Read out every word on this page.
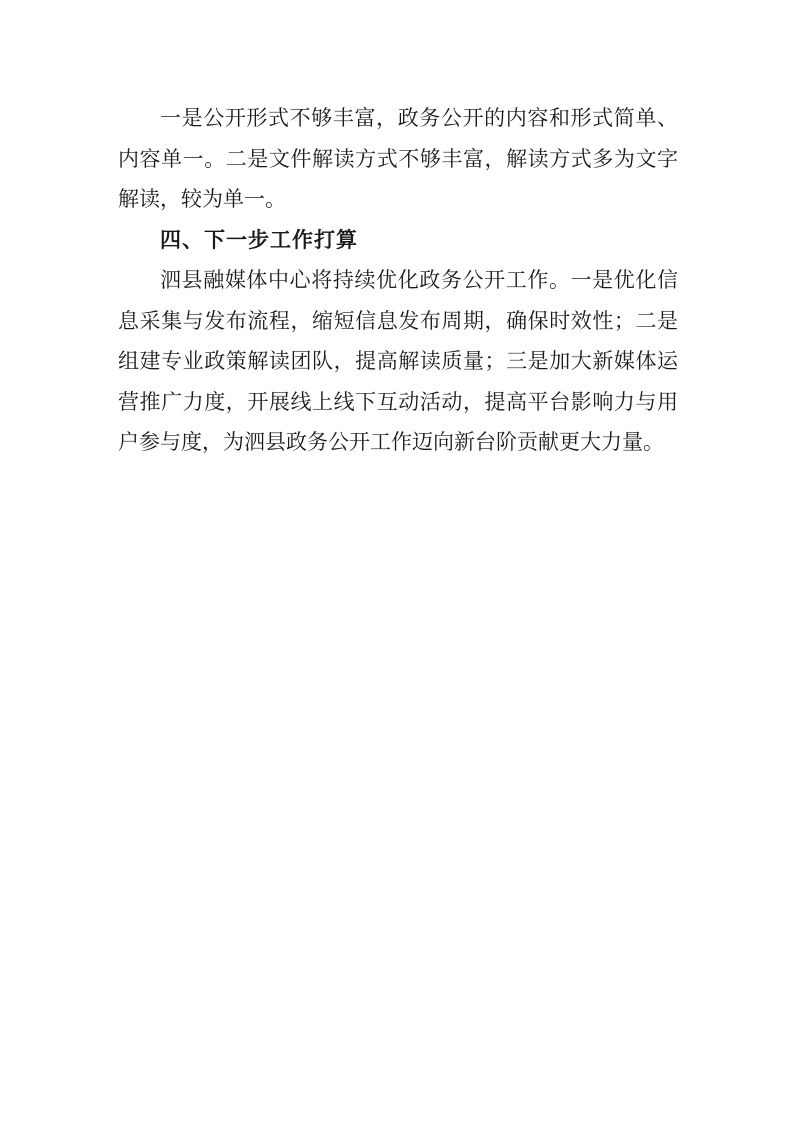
一是公开形式不够丰富，政务公开的内容和形式简单、
内容单一。二是文件解读方式不够丰富，解读方式多为文字
解读，较为单一。
四、下一步工作打算
泗县融媒体中心将持续优化政务公开工作。一是优化信
息采集与发布流程，缩短信息发布周期，确保时效性；二是
组建专业政策解读团队，提高解读质量；三是加大新媒体运
营推广力度，开展线上线下互动活动，提高平台影响力与用
户参与度，为泗县政务公开工作迈向新台阶贡献更大力量。
